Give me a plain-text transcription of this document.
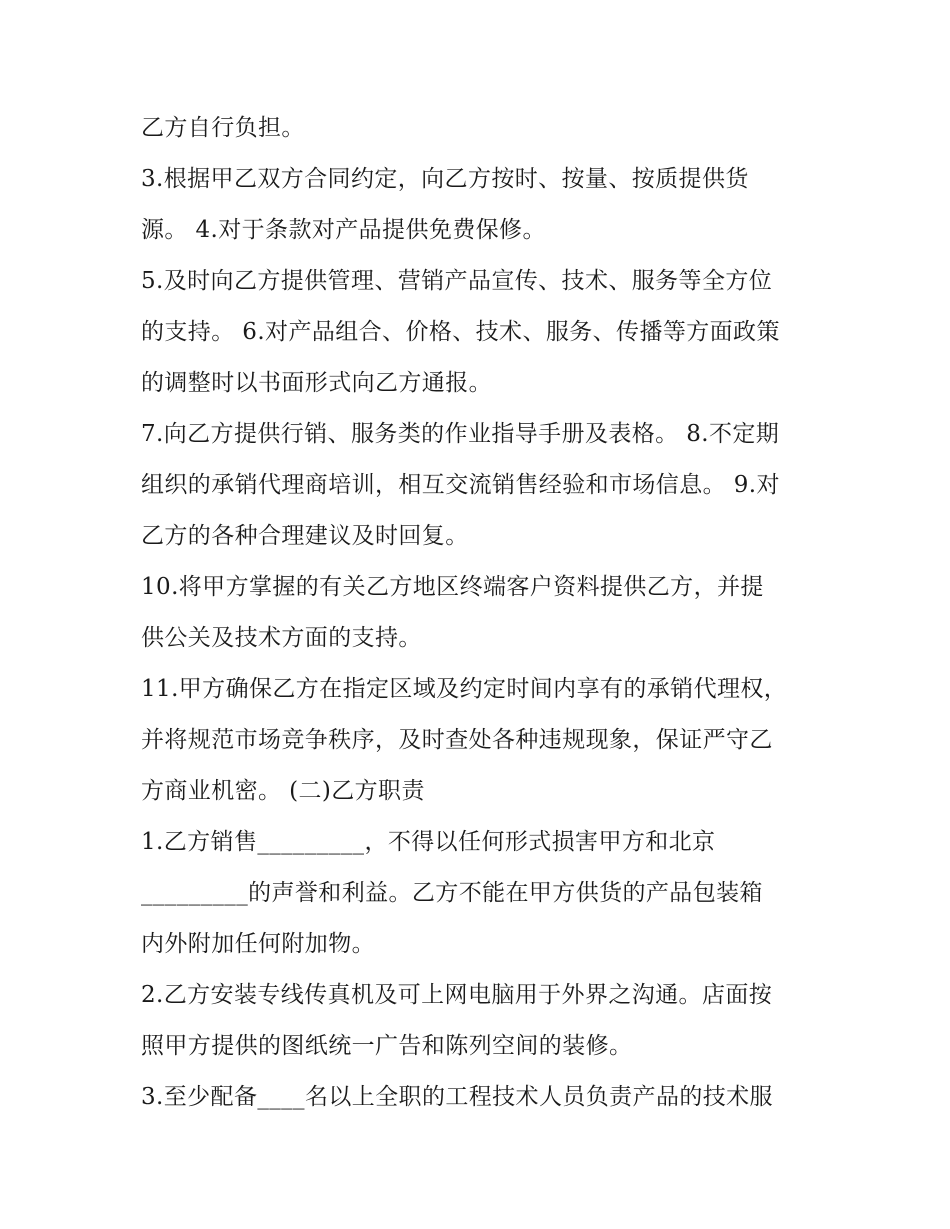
乙方自行负担。
3.根据甲乙双方合同约定，向乙方按时、按量、按质提供货
源。 4.对于条款对产品提供免费保修。
5.及时向乙方提供管理、营销产品宣传、技术、服务等全方位
的支持。 6.对产品组合、价格、技术、服务、传播等方面政策
的调整时以书面形式向乙方通报。
7.向乙方提供行销、服务类的作业指导手册及表格。 8.不定期
组织的承销代理商培训，相互交流销售经验和市场信息。 9.对
乙方的各种合理建议及时回复。
10.将甲方掌握的有关乙方地区终端客户资料提供乙方，并提
供公关及技术方面的支持。
11.甲方确保乙方在指定区域及约定时间内享有的承销代理权，
并将规范市场竞争秩序，及时查处各种违规现象，保证严守乙
方商业机密。 (二)乙方职责
1.乙方销售_________，不得以任何形式损害甲方和北京
_________的声誉和利益。乙方不能在甲方供货的产品包装箱
内外附加任何附加物。
2.乙方安装专线传真机及可上网电脑用于外界之沟通。店面按
照甲方提供的图纸统一广告和陈列空间的装修。
3.至少配备____名以上全职的工程技术人员负责产品的技术服
